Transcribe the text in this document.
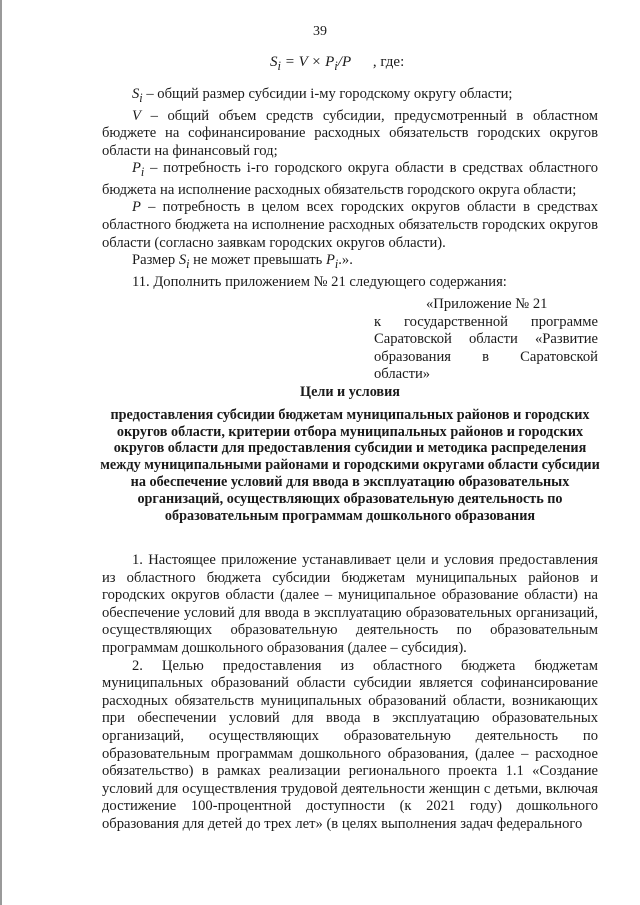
39
$S_i = V \times P_i/P$ , где:

$S_i$ – общий размер субсидии i-му городскому округу области;

V – общий объем средств субсидии, предусмотренный в областном бюджете на софинансирование расходных обязательств городских округов области на финансовый год;

$P_i$ – потребность i-го городского округа области в средствах областного бюджета на исполнение расходных обязательств городского округа области;

P – потребность в целом всех городских округов области в средствах областного бюджета на исполнение расходных обязательств городских округов области (согласно заявкам городских округов области).

Размер $S_i$ не может превышать $P_i$.».

11. Дополнить приложением № 21 следующего содержания:

«Приложение № 21

к государственной программе Саратовской области «Развитие образования в Саратовской области»

Цели и условия
предоставления субсидии бюджетам муниципальных районов и городских округов области, критерии отбора муниципальных районов и городских округов области для предоставления субсидии и методика распределения между муниципальными районами и городскими округами области субсидии на обеспечение условий для ввода в эксплуатацию образовательных организаций, осуществляющих образовательную деятельность по образовательным программам дошкольного образования

1. Настоящее приложение устанавливает цели и условия предоставления из областного бюджета субсидии бюджетам муниципальных районов и городских округов области (далее – муниципальное образование области) на обеспечение условий для ввода в эксплуатацию образовательных организаций, осуществляющих образовательную деятельность по образовательным программам дошкольного образования (далее – субсидия).

2. Целью предоставления из областного бюджета бюджетам муниципальных образований области субсидии является софинансирование расходных обязательств муниципальных образований области, возникающих при обеспечении условий для ввода в эксплуатацию образовательных организаций, осуществляющих образовательную деятельность по образовательным программам дошкольного образования, (далее – расходное обязательство) в рамках реализации регионального проекта 1.1 «Создание условий для осуществления трудовой деятельности женщин с детьми, включая достижение 100-процентной доступности (к 2021 году) дошкольного образования для детей до трех лет» (в целях выполнения задач федерального
